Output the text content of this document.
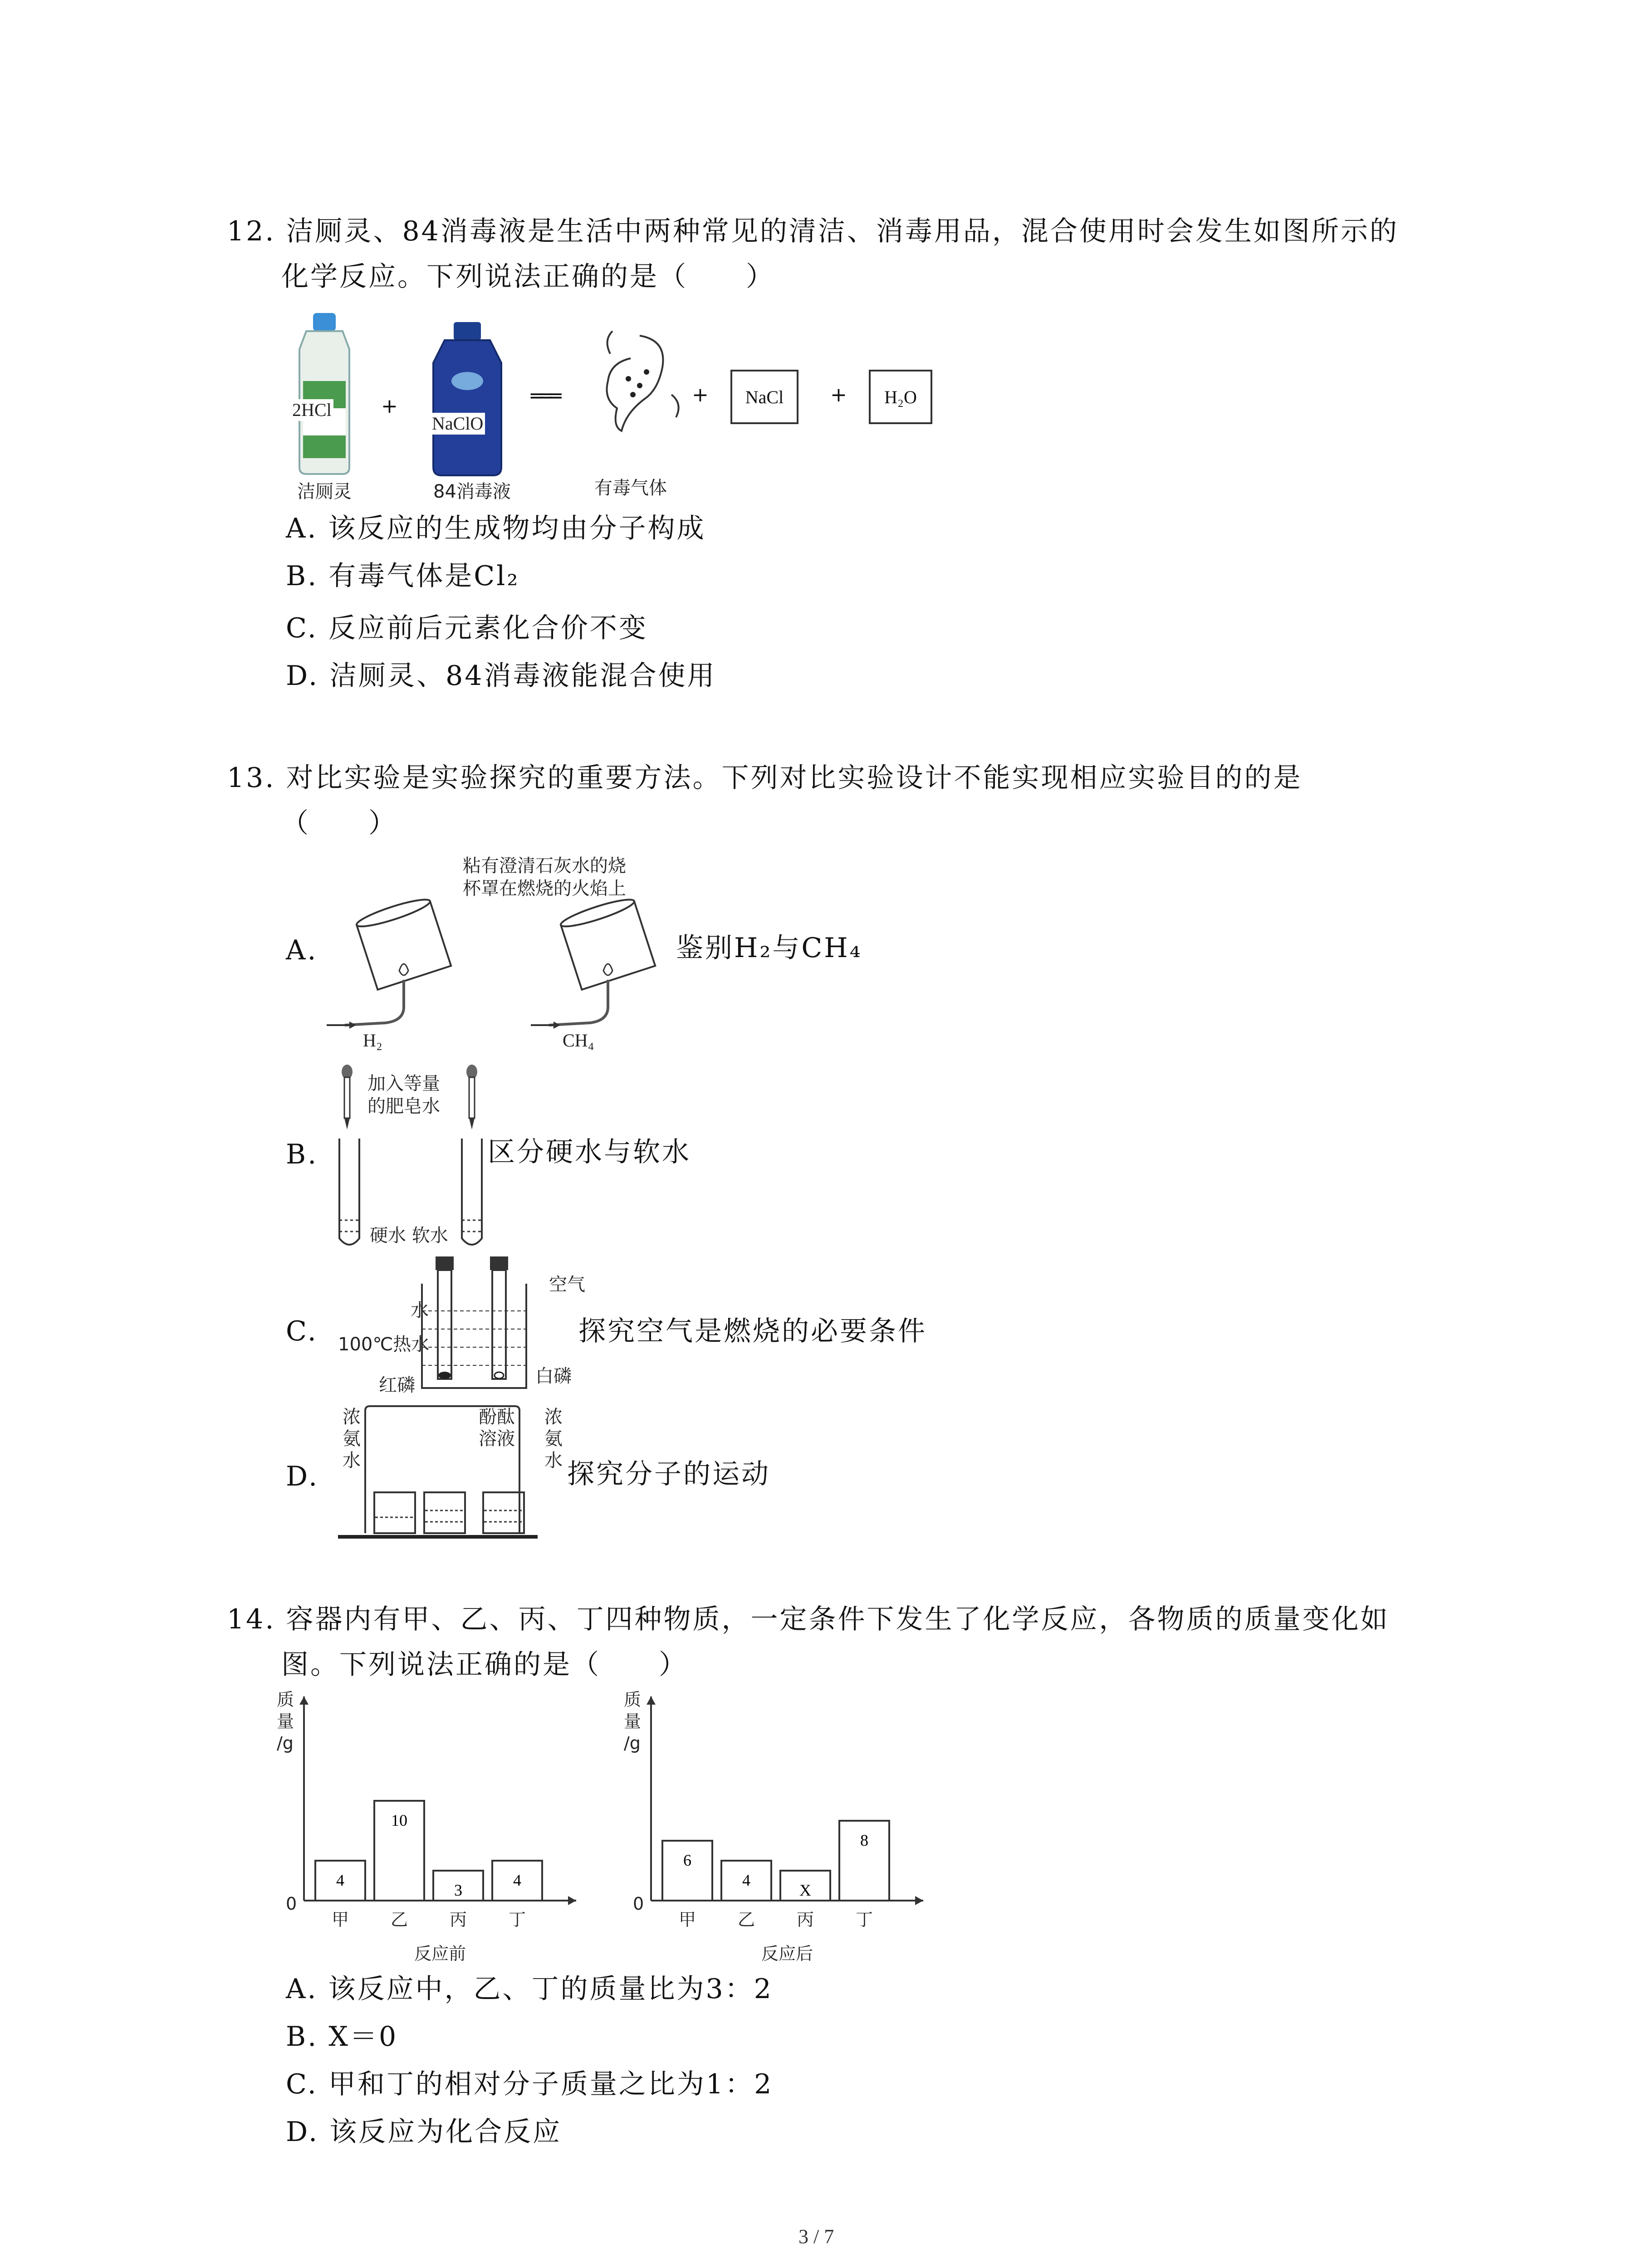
12. 洁厕灵、84消毒液是生活中两种常见的清洁、消毒用品，混合使用时会发生如图所示的
化学反应。下列说法正确的是（　　）
2HCl
洁厕灵
+
NaClO
84消毒液
═══
有毒气体
+	NaCl	+	H₂O
A. 该反应的生成物均由分子构成
B. 有毒气体是Cl₂
C. 反应前后元素化合价不变
D. 洁厕灵、84消毒液能混合使用
13. 对比实验是实验探究的重要方法。下列对比实验设计不能实现相应实验目的的是
（　　）
粘有澄清石灰水的烧
杯罩在燃烧的火焰上
A.
H₂	CH₄
鉴别H₂与CH₄
加入等量
的肥皂水
B.
硬水 软水
区分硬水与软水
空气
水
C. 100℃热水
红磷	白磷
探究空气是燃烧的必要条件
D.
浓
氨
水
酚酞
溶液
浓
氨
水 探究分子的运动
14. 容器内有甲、乙、丙、丁四种物质，一定条件下发生了化学反应，各物质的质量变化如
图。下列说法正确的是（　　）
质量/g
0
4
甲
10
乙
3
丙
4
丁
反应前
质量/g
0
6
甲
4
乙
X
丙
8
丁
反应后
A. 该反应中，乙、丁的质量比为3：2
B. X＝0
C. 甲和丁的相对分子质量之比为1：2
D. 该反应为化合反应
3 / 7
